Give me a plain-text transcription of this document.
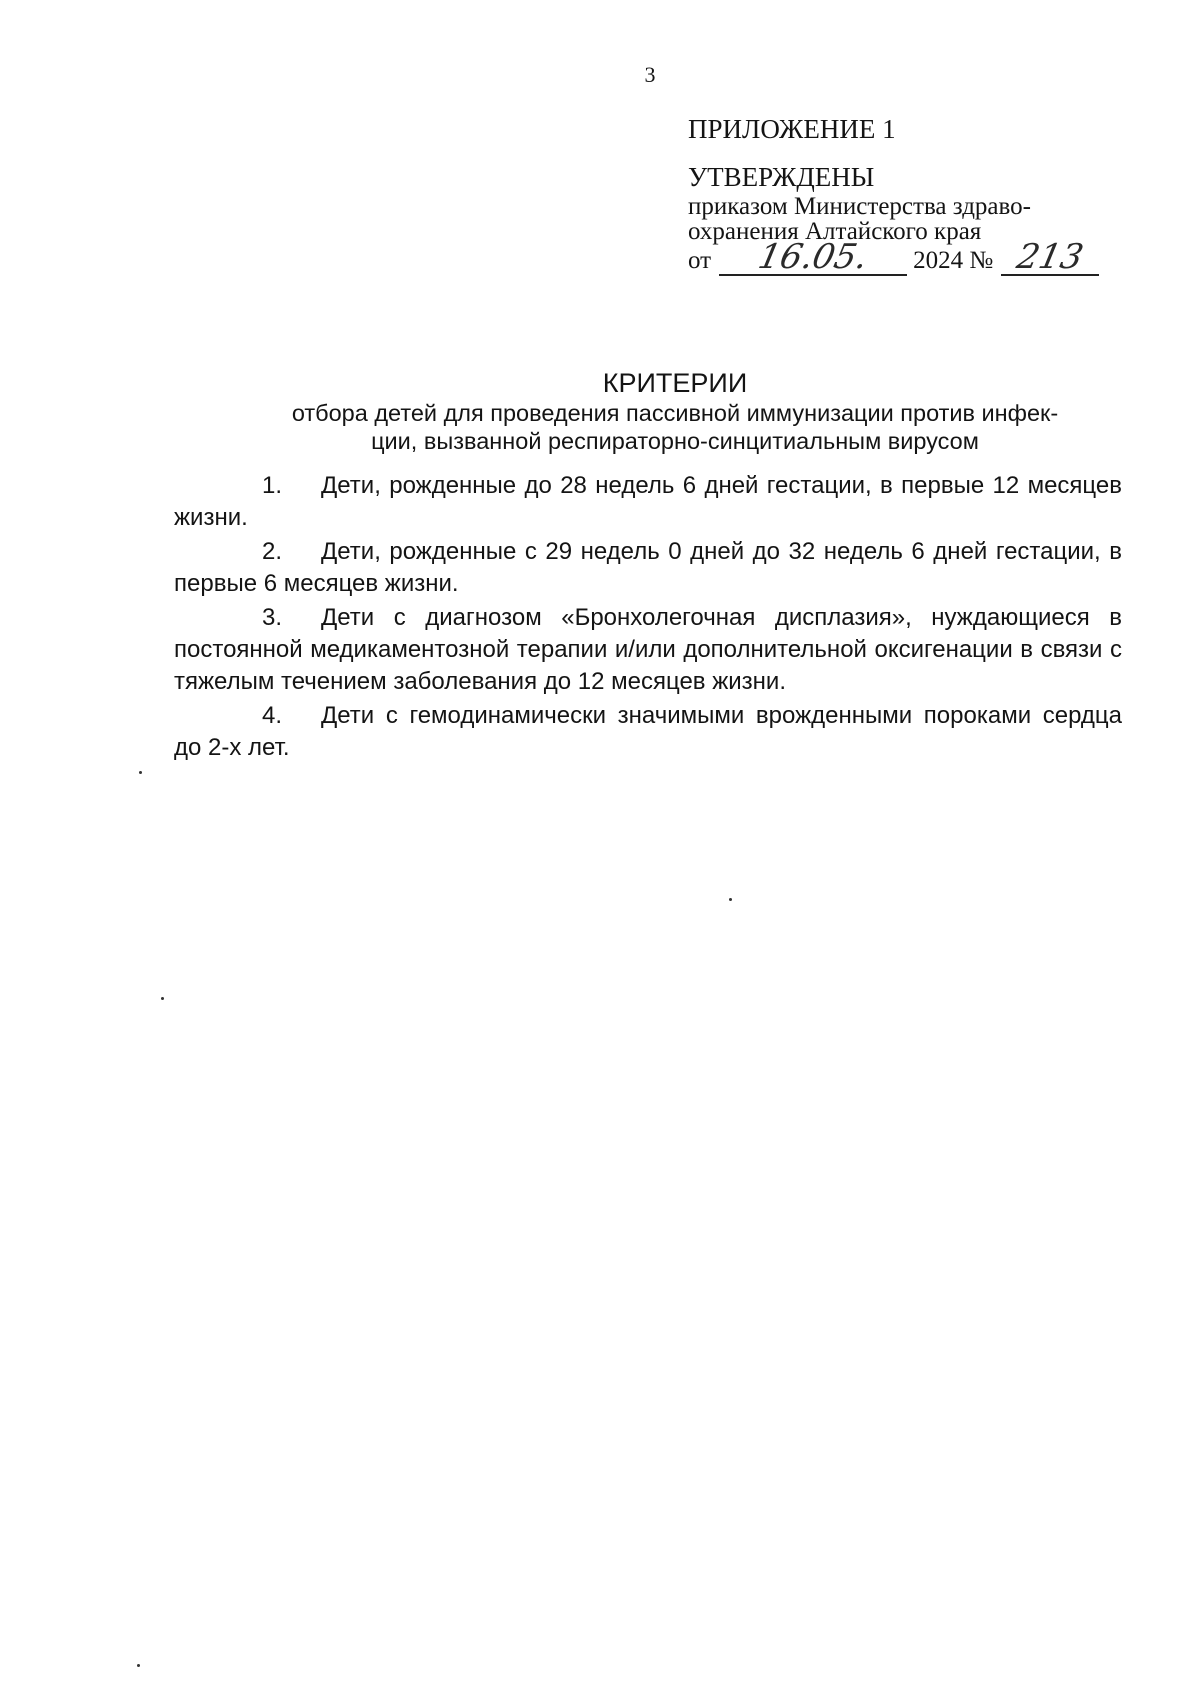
3
ПРИЛОЖЕНИЕ 1
УТВЕРЖДЕНЫ
приказом Министерства здраво-
охранения Алтайского края
от	16.05.	2024 № 213
КРИТЕРИИ
отбора детей для проведения пассивной иммунизации против инфек-
ции, вызванной респираторно-синцитиальным вирусом

1. Дети, рожденные до 28 недель 6 дней гестации, в первые 12 месяцев жизни.

2. Дети, рожденные с 29 недель 0 дней до 32 недель 6 дней гестации, в первые 6 месяцев жизни.

3. Дети с диагнозом «Бронхолегочная дисплазия», нуждающиеся в постоянной медикаментозной терапии и/или дополнительной оксигенации в связи с тяжелым течением заболевания до 12 месяцев жизни.

4. Дети с гемодинамически значимыми врожденными пороками сердца до 2-х лет.
